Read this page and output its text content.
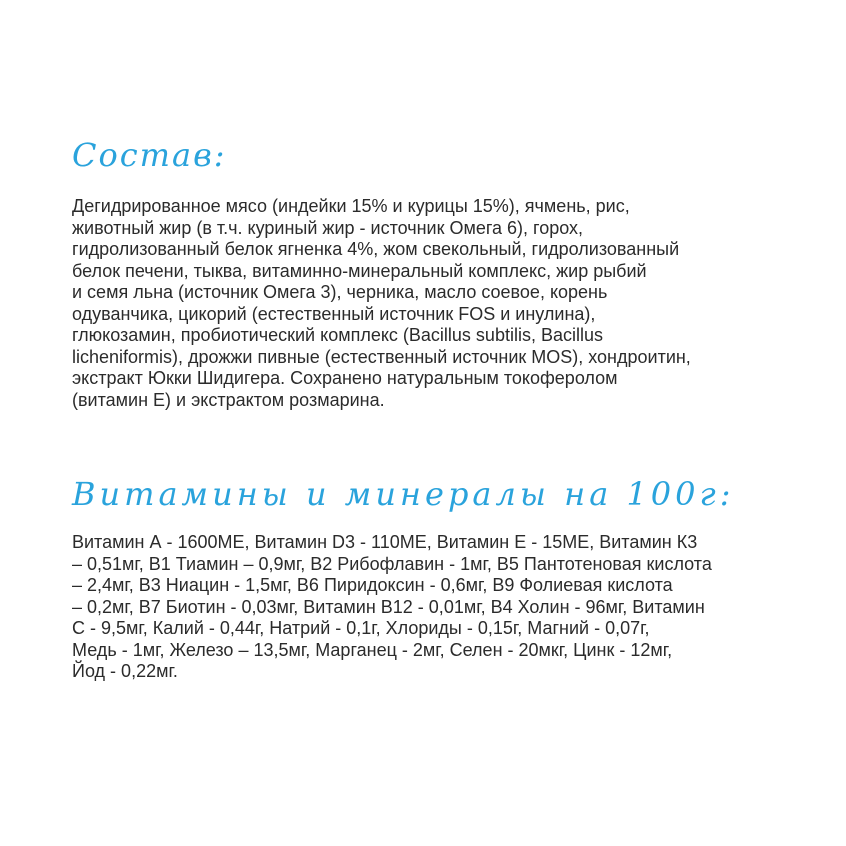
Состав:

Дегидрированное мясо (индейки 15% и курицы 15%), ячмень, рис,
животный жир (в т.ч. куриный жир - источник Омега 6), горох,
гидролизованный белок ягненка 4%, жом свекольный, гидролизованный
белок печени, тыква, витаминно-минеральный комплекс, жир рыбий
и семя льна (источник Омега 3), черника, масло соевое, корень
одуванчика, цикорий (естественный источник FOS и инулина),
глюкозамин, пробиотический комплекс (Bacillus subtilis, Bacillus
licheniformis), дрожжи пивные (естественный источник MOS), хондроитин,
экстракт Юкки Шидигера. Сохранено натуральным токоферолом
(витамин Е) и экстрактом розмарина.

Витамины и минералы на 100г:

Витамин А - 1600МЕ, Витамин D3 - 110МЕ, Витамин Е - 15МЕ, Витамин К3
– 0,51мг, В1 Тиамин – 0,9мг, В2 Рибофлавин - 1мг, В5 Пантотеновая кислота
– 2,4мг, В3 Ниацин - 1,5мг, В6 Пиридоксин - 0,6мг, В9 Фолиевая кислота
– 0,2мг, В7 Биотин - 0,03мг, Витамин В12 - 0,01мг, В4 Холин - 96мг, Витамин
С - 9,5мг, Калий - 0,44г, Натрий - 0,1г, Хлориды - 0,15г, Магний - 0,07г,
Медь - 1мг, Железо – 13,5мг, Марганец - 2мг, Селен - 20мкг, Цинк - 12мг,
Йод - 0,22мг.
